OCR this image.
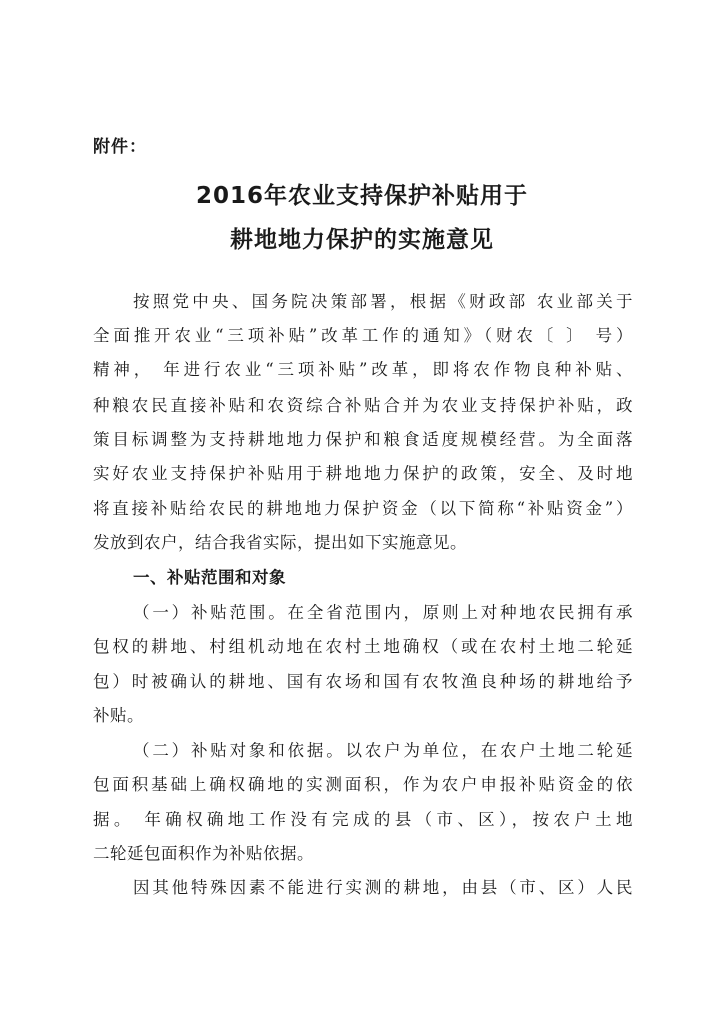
附件：
2016年农业支持保护补贴用于
耕地地力保护的实施意见
按照党中央、国务院决策部署，根据《财政部 农业部关于
全面推开农业“三项补贴”改革工作的通知》（财农〔 〕 号）
精神， 年进行农业“三项补贴”改革，即将农作物良种补贴、
种粮农民直接补贴和农资综合补贴合并为农业支持保护补贴，政
策目标调整为支持耕地地力保护和粮食适度规模经营。为全面落
实好农业支持保护补贴用于耕地地力保护的政策，安全、及时地
将直接补贴给农民的耕地地力保护资金（以下简称“补贴资金”）
发放到农户，结合我省实际，提出如下实施意见。
一、补贴范围和对象
（一）补贴范围。在全省范围内，原则上对种地农民拥有承
包权的耕地、村组机动地在农村土地确权（或在农村土地二轮延
包）时被确认的耕地、国有农场和国有农牧渔良种场的耕地给予
补贴。
（二）补贴对象和依据。以农户为单位，在农户土地二轮延
包面积基础上确权确地的实测面积，作为农户申报补贴资金的依
据。 年确权确地工作没有完成的县（市、区），按农户土地
二轮延包面积作为补贴依据。
因其他特殊因素不能进行实测的耕地，由县（市、区）人民
